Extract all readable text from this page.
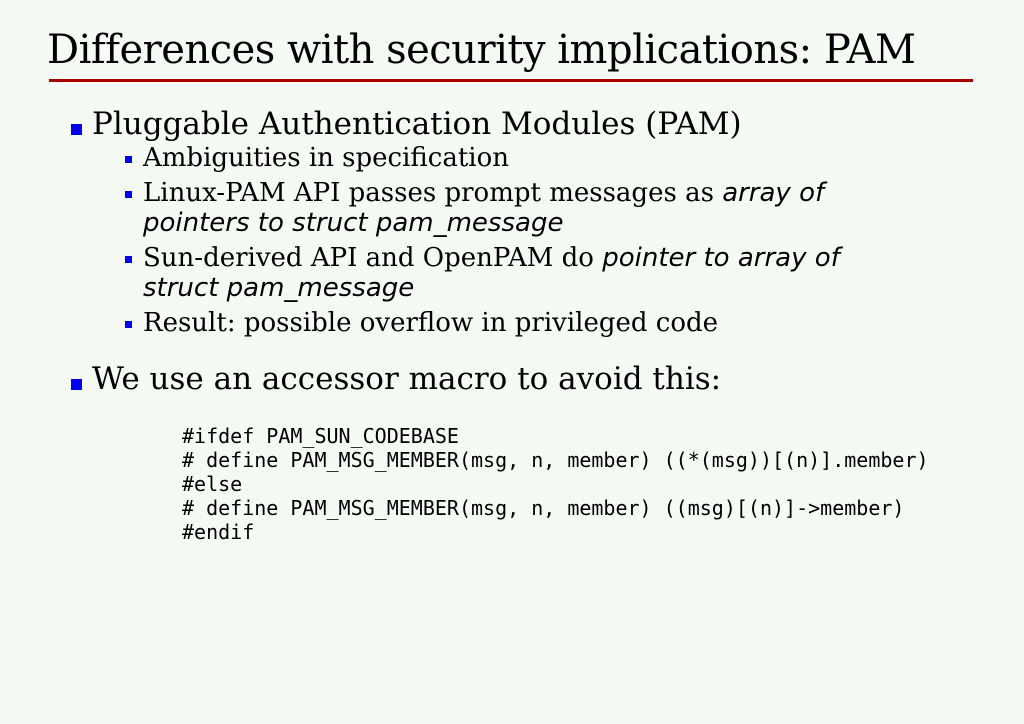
Differences with security implications: PAM
Pluggable Authentication Modules (PAM)
Ambiguities in specification
Linux-PAM API passes prompt messages as array of
pointers to struct pam_message
Sun-derived API and OpenPAM do pointer to array of
struct pam_message
Result: possible overflow in privileged code
We use an accessor macro to avoid this:
#ifdef PAM_SUN_CODEBASE
# define PAM_MSG_MEMBER(msg, n, member) ((*(msg))[(n)].member)
#else
# define PAM_MSG_MEMBER(msg, n, member) ((msg)[(n)]->member)
#endif
